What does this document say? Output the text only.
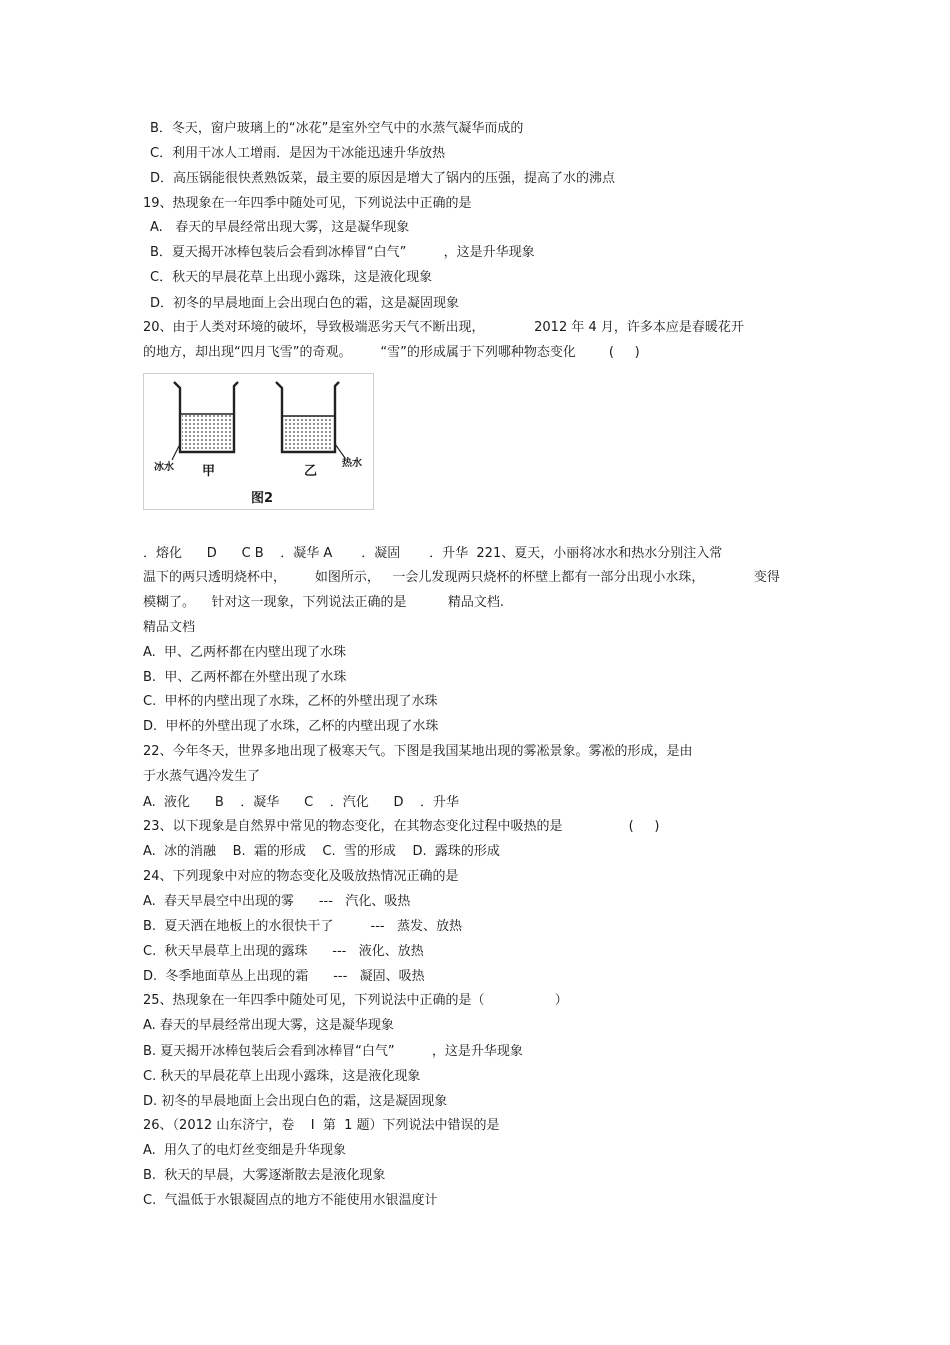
B．冬天，窗户玻璃上的“冰花”是室外空气中的水蒸气凝华而成的
C．利用干冰人工增雨．是因为干冰能迅速升华放热
D．高压锅能很快煮熟饭菜，最主要的原因是增大了锅内的压强，提高了水的沸点
19、热现象在一年四季中随处可见，下列说法中正确的是
A.   春天的早晨经常出现大雾，这是凝华现象
B．夏天揭开冰棒包装后会看到冰棒冒“白气”         ，这是升华现象
C．秋天的早晨花草上出现小露珠，这是液化现象
D．初冬的早晨地面上会出现白色的霜，这是凝固现象
20、由于人类对环境的破坏，导致极端恶劣天气不断出现，            2012 年 4 月，许多本应是春暖花开
的地方，却出现“四月飞雪”的奇观。       “雪”的形成属于下列哪种物态变化        (     )
冰水 甲	乙
热水
图2
．熔化      D      C B    ．凝华 A       ．凝固       ．升华  221、夏天，小丽将冰水和热水分别注入常
温下的两只透明烧杯中，       如图所示，   一会儿发现两只烧杯的杯壁上都有一部分出现小水珠，            变得
模糊了。    针对这一现象，下列说法正确的是          精品文档.
精品文档
A.  甲、乙两杯都在内壁出现了水珠
B.  甲、乙两杯都在外壁出现了水珠
C.  甲杯的内壁出现了水珠，乙杯的外壁出现了水珠
D.  甲杯的外壁出现了水珠，乙杯的内壁出现了水珠
22、今年冬天，世界多地出现了极寒天气。下图是我国某地出现的雾凇景象。雾凇的形成，是由
于水蒸气遇冷发生了
A.  液化      B    ．凝华      C    ．汽化      D    ．升华
23、以下现象是自然界中常见的物态变化，在其物态变化过程中吸热的是                (     )
A.  冰的消融    B.  霜的形成    C.  雪的形成    D.  露珠的形成
24、下列现象中对应的物态变化及吸放热情况正确的是
A.  春天早晨空中出现的雾      ---   汽化、吸热
B.  夏天洒在地板上的水很快干了         ---   蒸发、放热
C.  秋天早晨草上出现的露珠      ---   液化、放热
D.  冬季地面草丛上出现的霜      ---   凝固、吸热
25、热现象在一年四季中随处可见，下列说法中正确的是（                 ）
A. 春天的早晨经常出现大雾，这是凝华现象
B. 夏天揭开冰棒包装后会看到冰棒冒“白气”         ，这是升华现象
C. 秋天的早晨花草上出现小露珠，这是液化现象
D. 初冬的早晨地面上会出现白色的霜，这是凝固现象
26、（2012 山东济宁，卷    I  第  1 题）下列说法中错误的是
A.  用久了的电灯丝变细是升华现象
B.  秋天的早晨，大雾逐渐散去是液化现象
C.  气温低于水银凝固点的地方不能使用水银温度计
